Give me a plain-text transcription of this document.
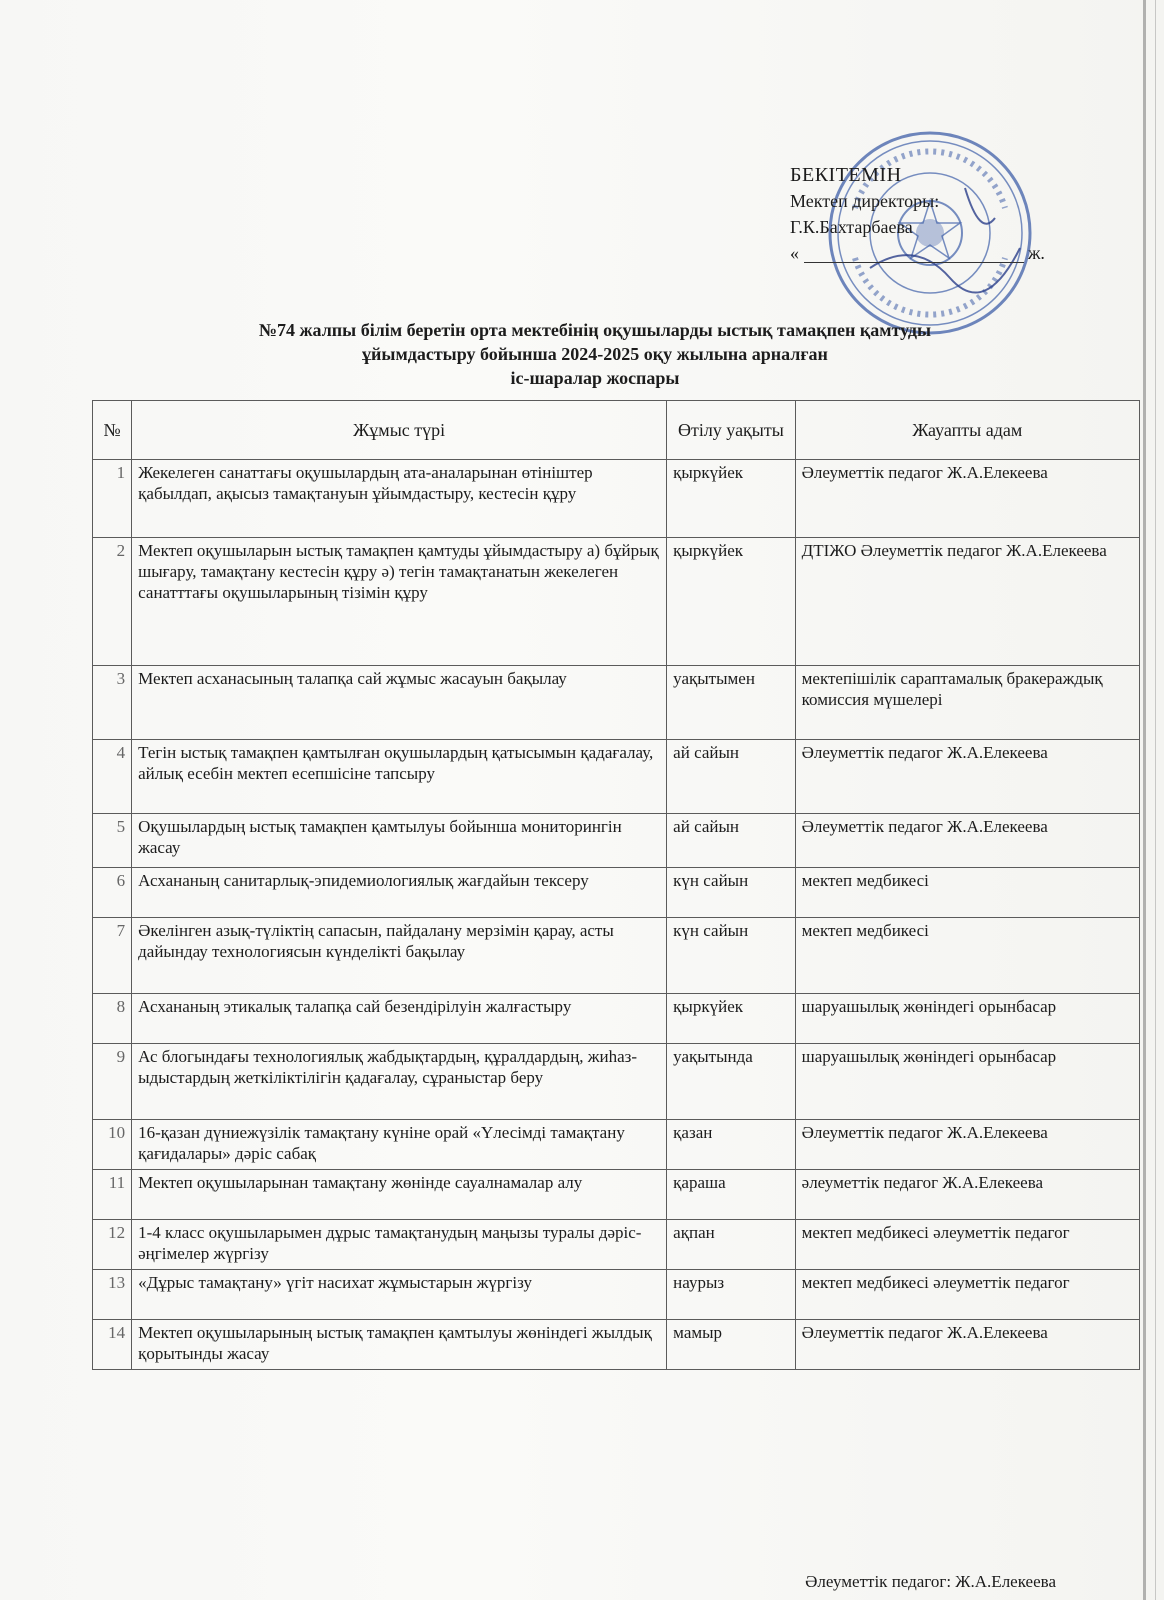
БЕКІТЕМІН
Мектеп директоры:
Г.К.Бахтарбаева
«	ж.
№74 жалпы білім беретін орта мектебінің оқушыларды ыстық тамақпен қамтуды
ұйымдастыру бойынша 2024-2025 оқу жылына арналған
іс-шаралар жоспары
№	Жұмыс түрі	Өтілу уақыты	Жауапты адам
1	Жекелеген санаттағы оқушылардың ата-аналарынан өтініштер қабылдап, ақысыз тамақтануын ұйымдастыру, кестесін құру	қыркүйек	Әлеуметтік педагог Ж.А.Елекеева
2	Мектеп оқушыларын ыстық тамақпен қамтуды ұйымдастыру а) бұйрық шығару, тамақтану кестесін құру ә) тегін тамақтанатын жекелеген санатттағы оқушыларының тізімін құру	қыркүйек	ДТІЖО Әлеуметтік педагог Ж.А.Елекеева
3	Мектеп асханасының талапқа сай жұмыс жасауын бақылау	уақытымен	мектепішілік сараптамалық бракераждық комиссия мүшелері
4	Тегін ыстық тамақпен қамтылған оқушылардың қатысымын қадағалау, айлық есебін мектеп есепшісіне тапсыру	ай сайын	Әлеуметтік педагог Ж.А.Елекеева
5	Оқушылардың ыстық тамақпен қамтылуы бойынша мониторингін жасау	ай сайын	Әлеуметтік педагог Ж.А.Елекеева
6	Асхананың санитарлық-эпидемиологиялық жағдайын тексеру	күн сайын	мектеп медбикесі
7	Әкелінген азық-түліктің сапасын, пайдалану мерзімін қарау, асты дайындау технологиясын күнделікті бақылау	күн сайын	мектеп медбикесі
8	Асхананың этикалық талапқа сай безендірілуін жалғастыру	қыркүйек	шаруашылық жөніндегі орынбасар
9	Ас блогындағы технологиялық жабдықтардың, құралдардың, жиһаз-ыдыстардың жеткіліктілігін қадағалау, сұраныстар беру	уақытында	шаруашылық жөніндегі орынбасар
10	16-қазан дүниежүзілік тамақтану күніне орай «Үлесімді тамақтану қағидалары» дәріс сабақ	қазан	Әлеуметтік педагог Ж.А.Елекеева
11	Мектеп оқушыларынан тамақтану жөнінде сауалнамалар алу	қараша	әлеуметтік педагог Ж.А.Елекеева
12	1-4 класс оқушыларымен дұрыс тамақтанудың маңызы туралы дәріс-әңгімелер жүргізу	ақпан	мектеп медбикесі әлеуметтік педагог
13	«Дұрыс тамақтану» үгіт насихат жұмыстарын жүргізу	наурыз	мектеп медбикесі әлеуметтік педагог
14	Мектеп оқушыларының ыстық тамақпен қамтылуы жөніндегі жылдық қорытынды жасау	мамыр	Әлеуметтік педагог Ж.А.Елекеева
Әлеуметтік педагог: Ж.А.Елекеева
